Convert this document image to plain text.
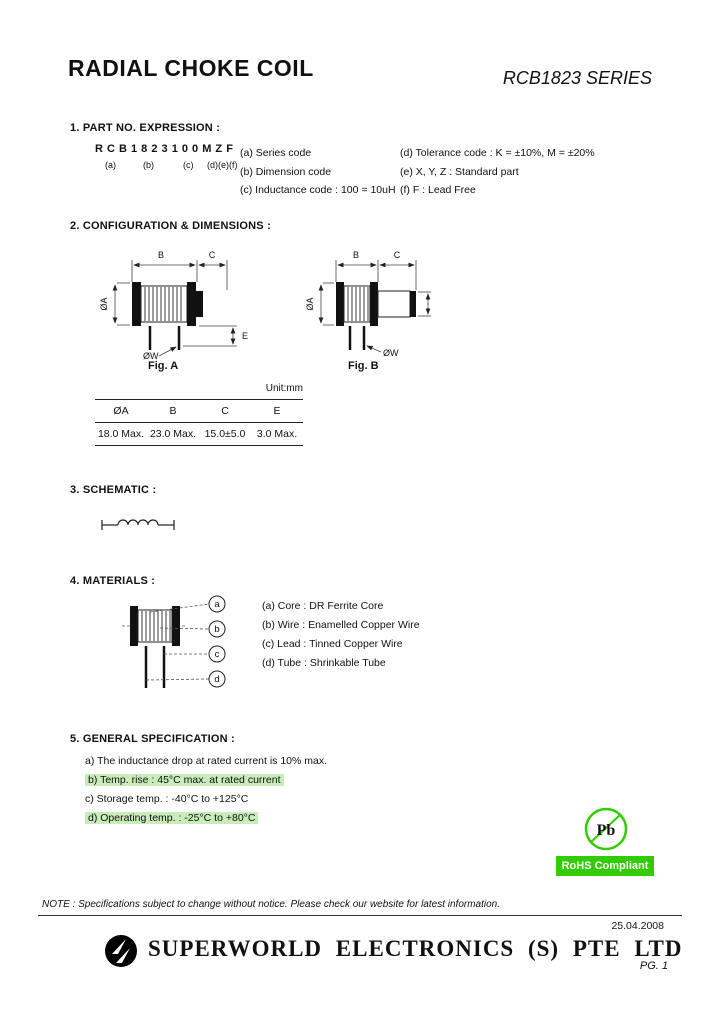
RADIAL CHOKE COIL	RCB1823 SERIES
1. PART NO. EXPRESSION :
R C B 1 8 2 3 1 0 0 M Z F
(a)	(b)	(c) (d)(e)(f)
(a) Series code
(b) Dimension code
(c) Inductance code : 100 = 10uH
(d) Tolerance code : K = ±10%, M = ±20%
(e) X, Y, Z : Standard part
(f) F : Lead Free
2. CONFIGURATION & DIMENSIONS :
B	C
ØA
E
ØW
B	C
ØA
ØW
Fig. A	Fig. B
Unit:mm
ØA	B	C	E
18.0 Max. 23.0 Max. 15.0±5.0	3.0 Max.
3. SCHEMATIC :
4. MATERIALS :
a
b
c
d
(a) Core : DR Ferrite Core
(b) Wire : Enamelled Copper Wire
(c) Lead : Tinned Copper Wire
(d) Tube : Shrinkable Tube
5. GENERAL SPECIFICATION :
a) The inductance drop at rated current is 10% max.
b) Temp. rise : 45°C max. at rated current
c) Storage temp. : -40°C to +125°C
d) Operating temp. : -25°C to +80°C
Pb
RoHS Compliant
NOTE : Specifications subject to change without notice. Please check our website for latest information.
25.04.2008
SUPERWORLD ELECTRONICS (S) PTE LTD
PG. 1
